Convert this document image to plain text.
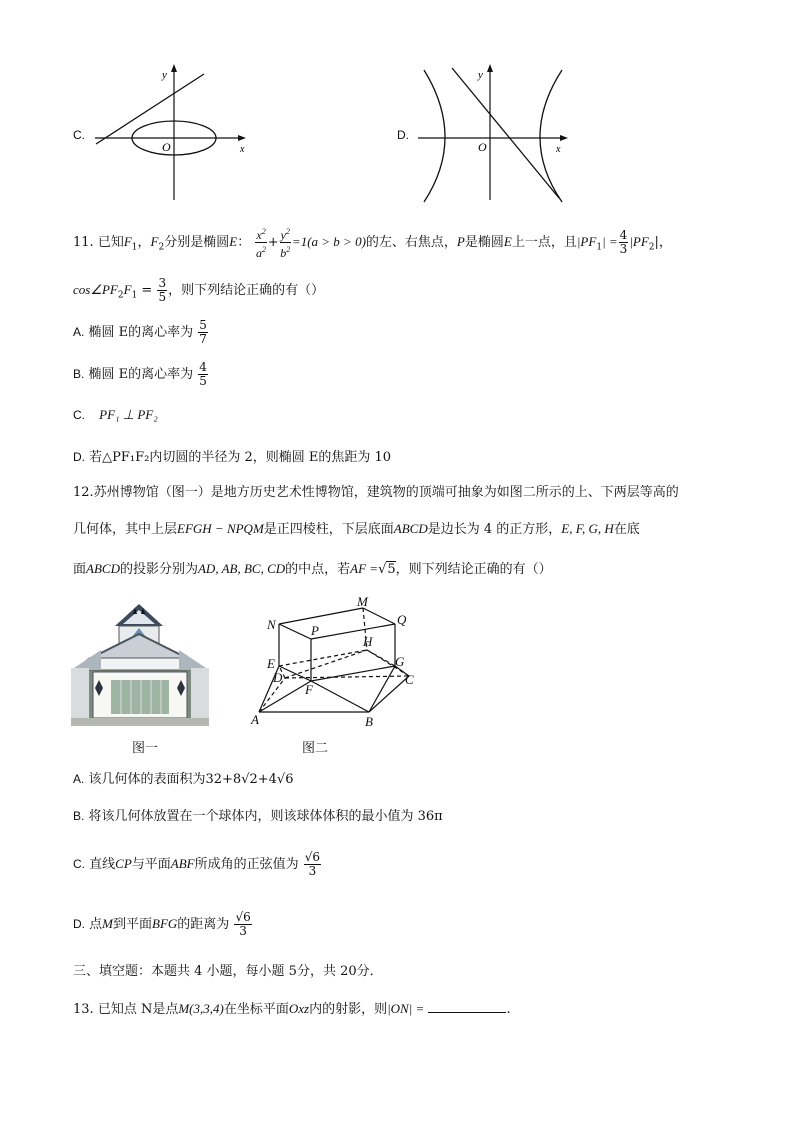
C.
y
x
O
D.
y
x
O
11. 已知$F_1$，$F_2$分别是椭圆E： $\frac{x^2}{a^2} + \frac{y^2}{b^2} =1(a > b > 0)$的左、右焦点，P是椭圆E上一点，且$|PF_1| = \frac{4}{3} |PF_2|$，
$\cos\angle PF_2F_1 = \frac{3}{5}$ ，则下列结论正确的有（）
A. 椭圆 E的离心率为 $\frac{5}{7}$
B. 椭圆 E的离心率为 $\frac{4}{5}$
C. PF₁ ⊥ PF₂
D. 若△PF₁F₂内切圆的半径为 2，则椭圆 E的焦距为 10
12.苏州博物馆（图一）是地方历史艺术性博物馆，建筑物的顶端可抽象为如图二所示的上、下两层等高的
几何体，其中上层EFGH − NPQM是正四棱柱，下层底面ABCD是边长为 4 的正方形，E, F, G, H在底
面ABCD的投影分别为AD, AB, BC, CD的中点，若AF =√5，则下列结论正确的有（）
图一
M
N	P
Q
H
E
D
F
G
C
A	B
图二
A. 该几何体的表面积为32+8√2+4√6
B. 将该几何体放置在一个球体内，则该球体体积的最小值为 36π
C. 直线CP与平面ABF所成角的正弦值为 $\frac{√6}{3}$
D. 点M到平面BFG的距离为 $\frac{√6}{3}$
三、填空题：本题共 4 小题，每小题 5分，共 20分．
13. 已知点 N是点M(3,3,4)在坐标平面Oxz内的射影，则|ON| =	.
